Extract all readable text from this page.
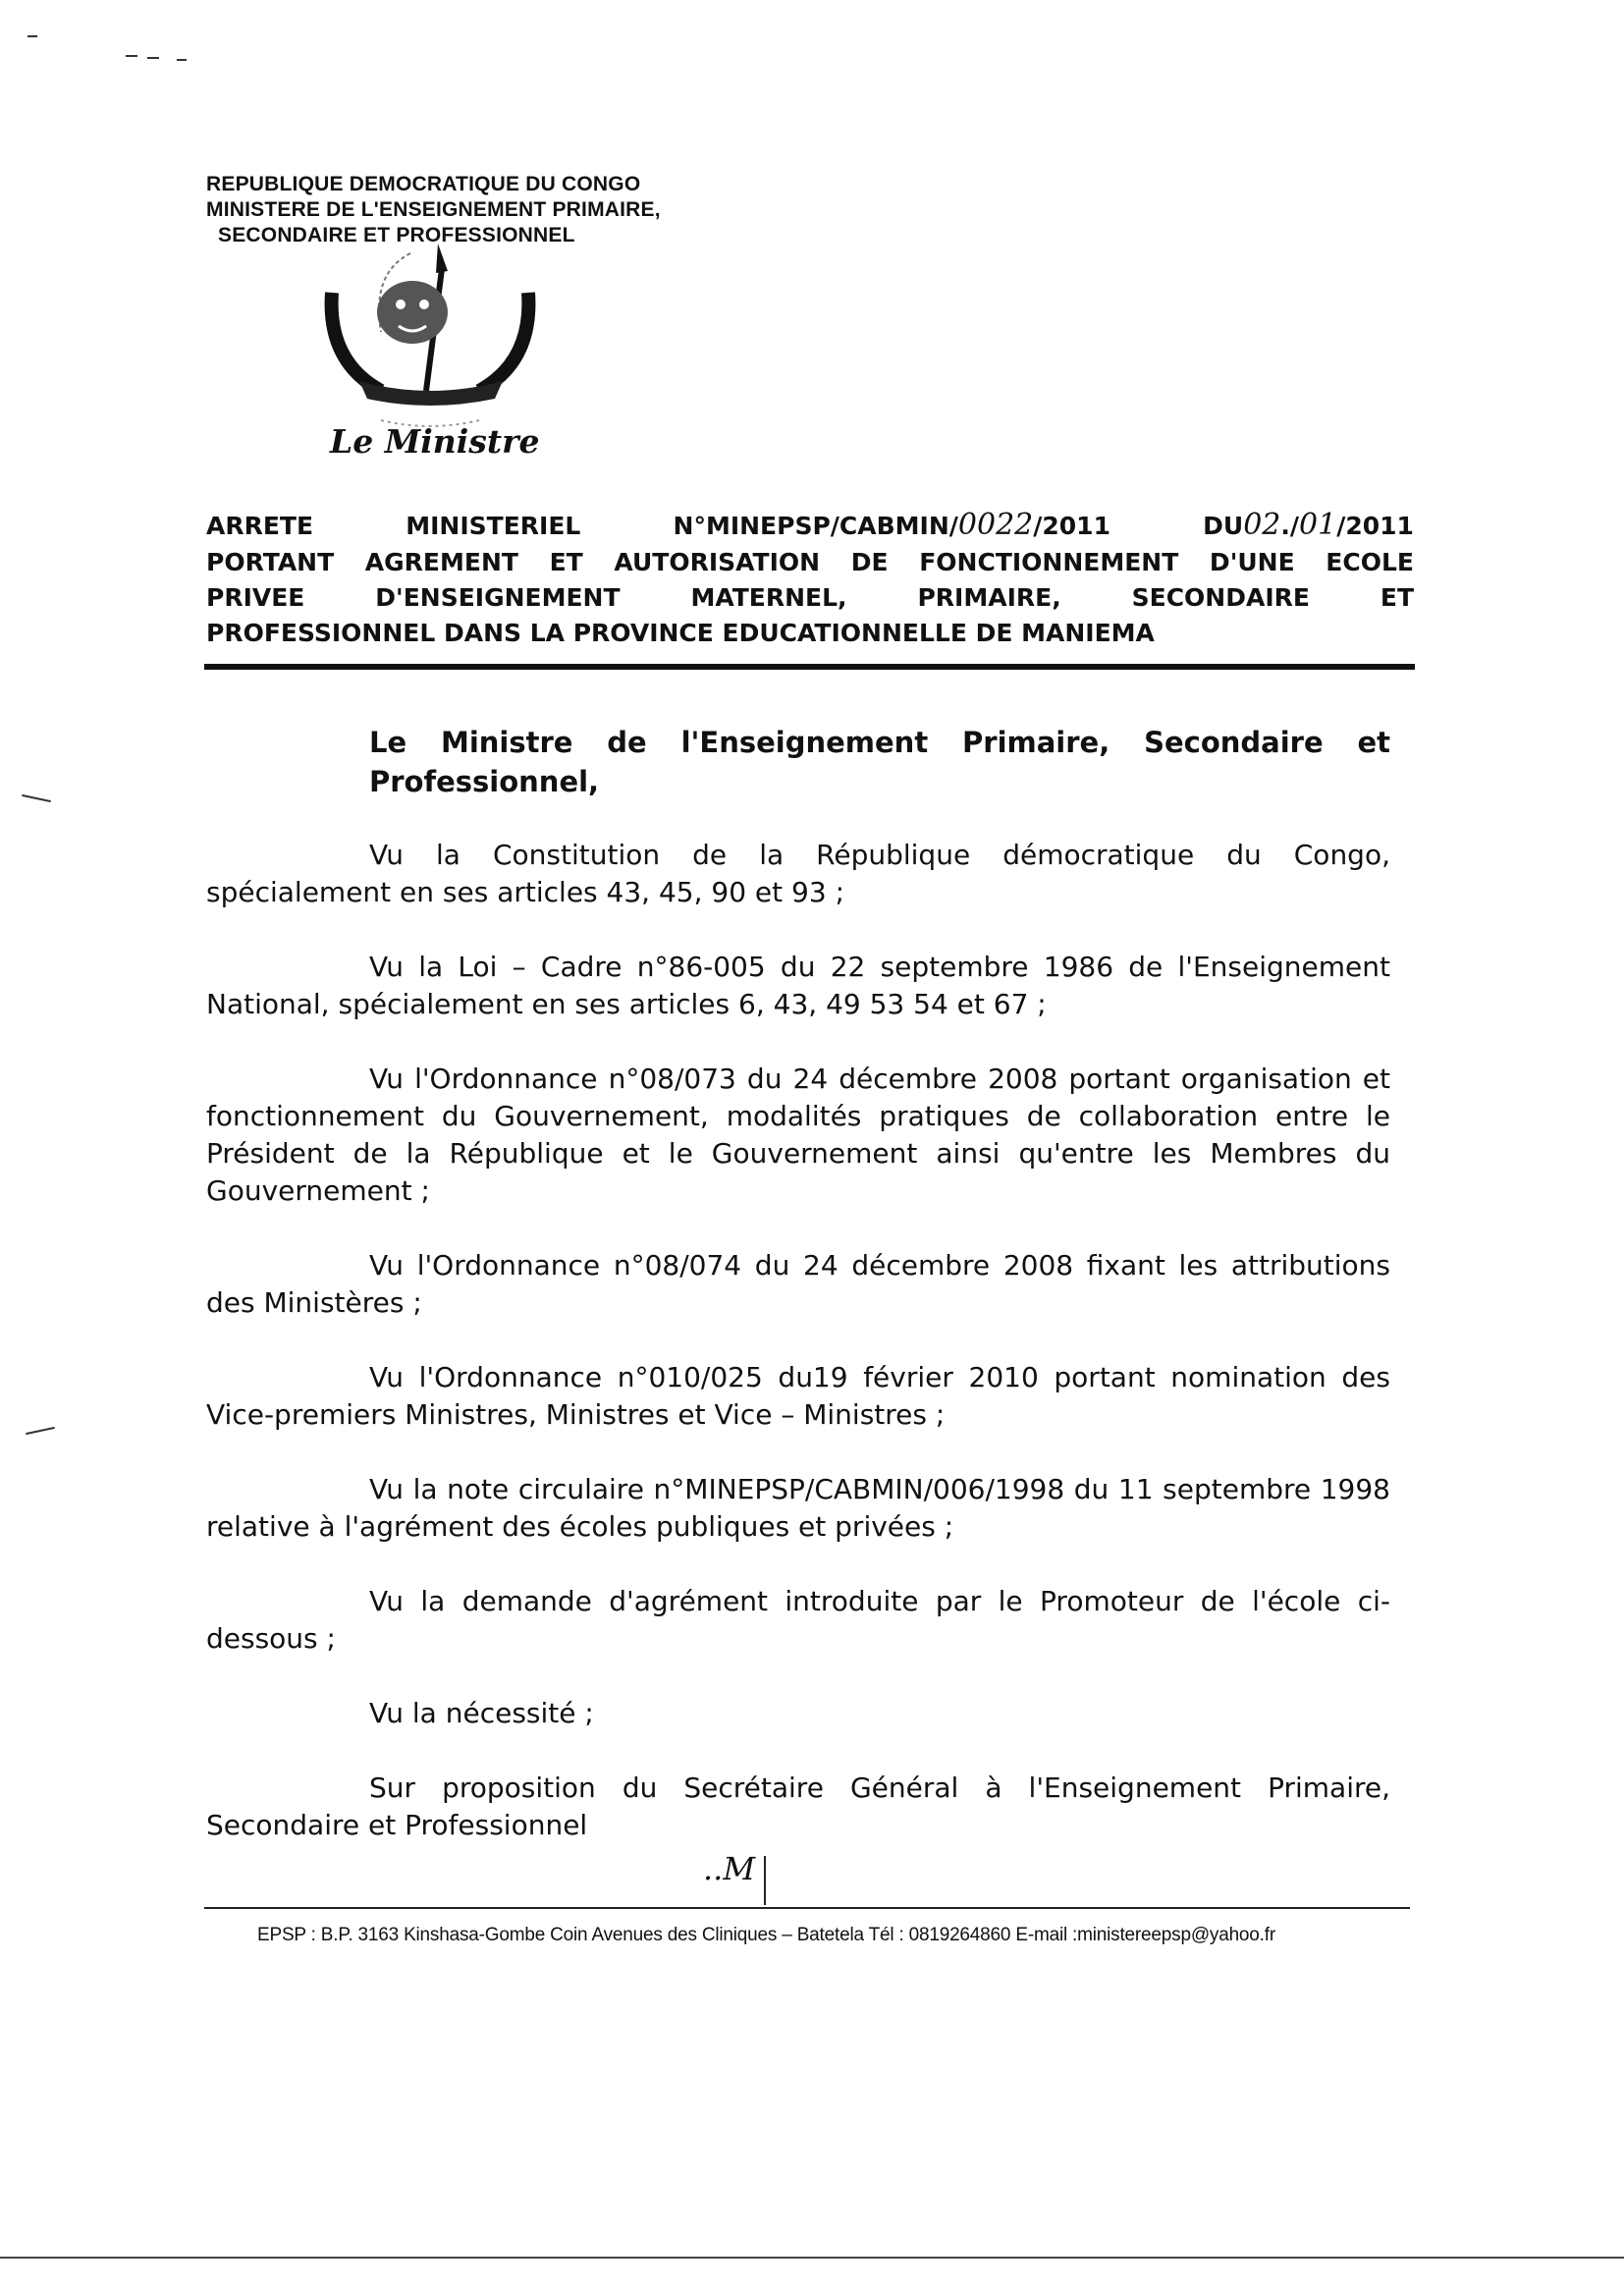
REPUBLIQUE DEMOCRATIQUE DU CONGO
MINISTERE DE L'ENSEIGNEMENT PRIMAIRE,
SECONDAIRE ET PROFESSIONNEL
Le Ministre
ARRETE	MINISTERIEL	N°MINEPSP/CABMIN/0022/2011	DU02./01/2011
PORTANT AGREMENT ET AUTORISATION DE FONCTIONNEMENT D'UNE ECOLE
PRIVEE D'ENSEIGNEMENT MATERNEL, PRIMAIRE, SECONDAIRE ET
PROFESSIONNEL DANS LA PROVINCE EDUCATIONNELLE DE MANIEMA
Le Ministre de l'Enseignement Primaire, Secondaire et Professionnel,
Vu la Constitution de la République démocratique du Congo, spécialement en ses articles 43, 45, 90 et 93 ;
Vu la Loi – Cadre n°86-005 du 22 septembre 1986 de l'Enseignement National, spécialement en ses articles 6, 43, 49 53 54 et 67 ;
Vu l'Ordonnance n°08/073 du 24 décembre 2008 portant organisation et fonctionnement du Gouvernement, modalités pratiques de collaboration entre le Président de la République et le Gouvernement ainsi qu'entre les Membres du Gouvernement ;
Vu l'Ordonnance n°08/074 du 24 décembre 2008 fixant les attributions des Ministères ;
Vu l'Ordonnance n°010/025 du19 février 2010 portant nomination des Vice-premiers Ministres, Ministres et Vice – Ministres ;
Vu la note circulaire n°MINEPSP/CABMIN/006/1998 du 11 septembre 1998 relative à l'agrément des écoles publiques et privées ;
Vu la demande d'agrément introduite par le Promoteur de l'école ci-dessous ;
Vu la nécessité ;
Sur proposition du Secrétaire Général à l'Enseignement Primaire, Secondaire et Professionnel
..M
EPSP : B.P. 3163 Kinshasa-Gombe Coin Avenues des Cliniques – Batetela Tél : 0819264860 E-mail :ministereepsp@yahoo.fr
